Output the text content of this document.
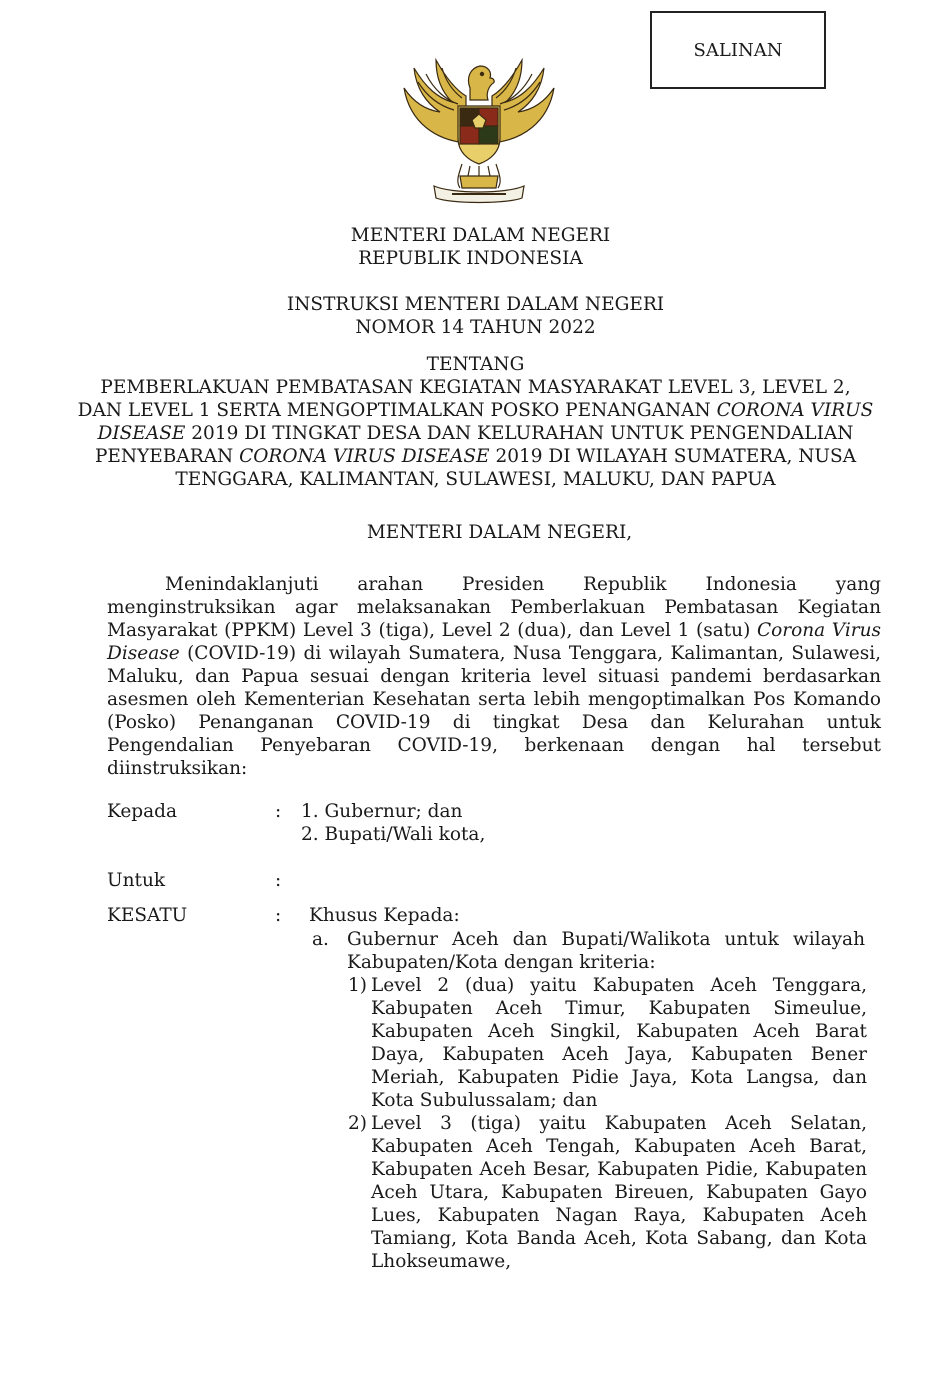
SALINAN
MENTERI DALAM NEGERI
REPUBLIK INDONESIA
INSTRUKSI MENTERI DALAM NEGERI
NOMOR 14 TAHUN 2022
TENTANG
PEMBERLAKUAN PEMBATASAN KEGIATAN MASYARAKAT LEVEL 3, LEVEL 2,
DAN LEVEL 1 SERTA MENGOPTIMALKAN POSKO PENANGANAN CORONA VIRUS
DISEASE 2019 DI TINGKAT DESA DAN KELURAHAN UNTUK PENGENDALIAN
PENYEBARAN CORONA VIRUS DISEASE 2019 DI WILAYAH SUMATERA, NUSA
TENGGARA, KALIMANTAN, SULAWESI, MALUKU, DAN PAPUA
MENTERI DALAM NEGERI,
Menindaklanjuti arahan Presiden Republik Indonesia yang menginstruksikan agar melaksanakan Pemberlakuan Pembatasan Kegiatan Masyarakat (PPKM) Level 3 (tiga), Level 2 (dua), dan Level 1 (satu) Corona Virus Disease (COVID-19) di wilayah Sumatera, Nusa Tenggara, Kalimantan, Sulawesi, Maluku, dan Papua sesuai dengan kriteria level situasi pandemi berdasarkan asesmen oleh Kementerian Kesehatan serta lebih mengoptimalkan Pos Komando (Posko) Penanganan COVID-19 di tingkat Desa dan Kelurahan untuk Pengendalian Penyebaran COVID-19, berkenaan dengan hal tersebut diinstruksikan:
Kepada	: 1. Gubernur; dan
2. Bupati/Wali kota,
Untuk	:
KESATU	: Khusus Kepada:
a. Gubernur Aceh dan Bupati/Walikota untuk wilayah Kabupaten/Kota dengan kriteria:
1) Level 2 (dua) yaitu Kabupaten Aceh Tenggara, Kabupaten Aceh Timur, Kabupaten Simeulue, Kabupaten Aceh Singkil, Kabupaten Aceh Barat Daya, Kabupaten Aceh Jaya, Kabupaten Bener Meriah, Kabupaten Pidie Jaya, Kota Langsa, dan Kota Subulussalam; dan
2) Level 3 (tiga) yaitu Kabupaten Aceh Selatan, Kabupaten Aceh Tengah, Kabupaten Aceh Barat, Kabupaten Aceh Besar, Kabupaten Pidie, Kabupaten Aceh Utara, Kabupaten Bireuen, Kabupaten Gayo Lues, Kabupaten Nagan Raya, Kabupaten Aceh Tamiang, Kota Banda Aceh, Kota Sabang, dan Kota Lhokseumawe,
